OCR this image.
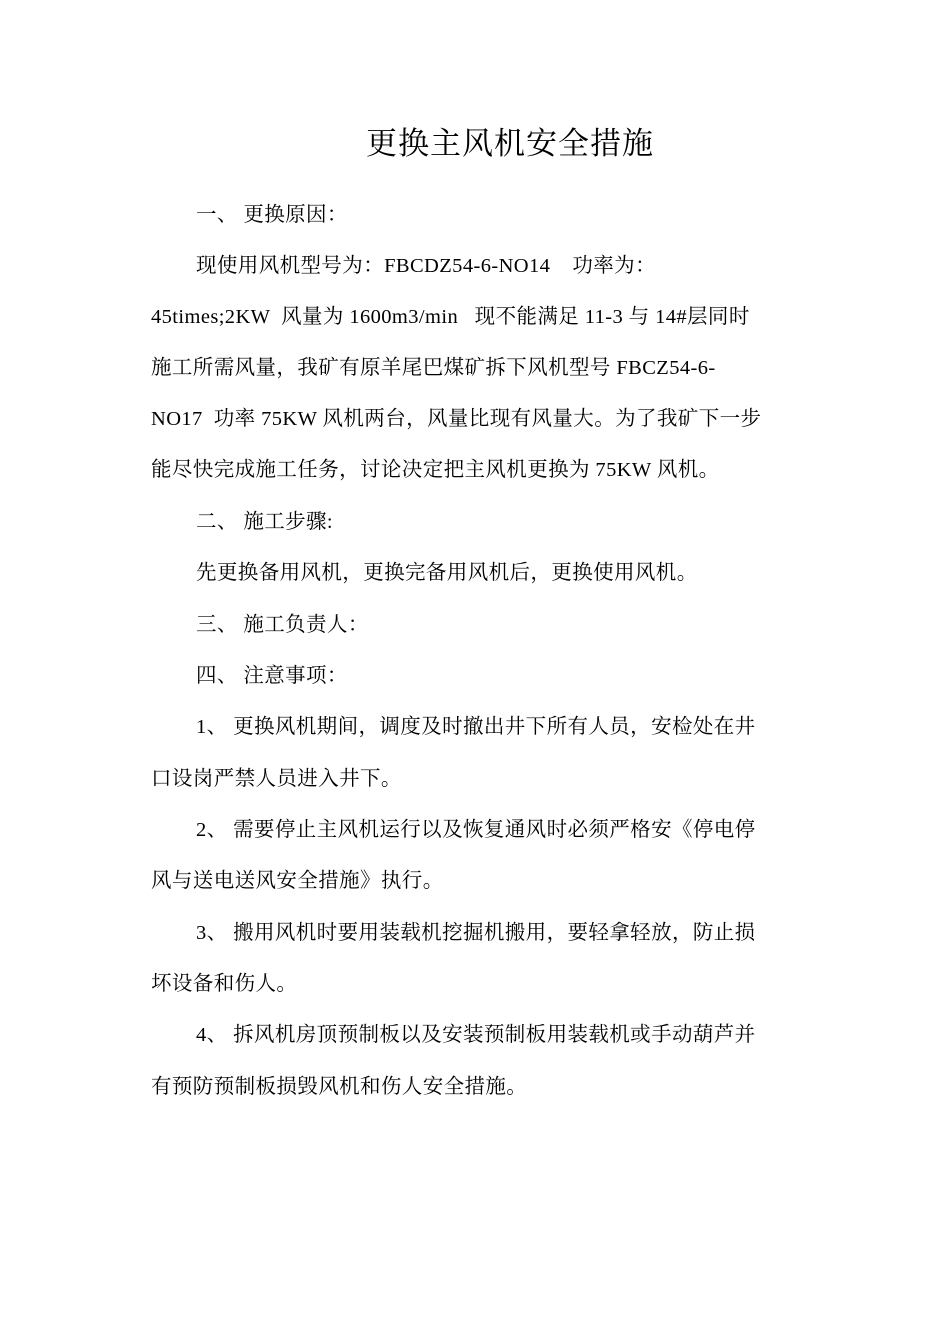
更换主风机安全措施
一、 更换原因：
现使用风机型号为：FBCDZ54-6-NO14    功率为：
45times;2KW  风量为 1600m3/min   现不能满足 11-3 与 14#层同时
施工所需风量，我矿有原羊尾巴煤矿拆下风机型号 FBCZ54-6-
NO17  功率 75KW 风机两台，风量比现有风量大。为了我矿下一步
能尽快完成施工任务，讨论决定把主风机更换为 75KW 风机。
二、 施工步骤:
先更换备用风机，更换完备用风机后，更换使用风机。
三、 施工负责人：
四、 注意事项：
1、 更换风机期间，调度及时撤出井下所有人员，安检处在井
口设岗严禁人员进入井下。
2、 需要停止主风机运行以及恢复通风时必须严格安《停电停
风与送电送风安全措施》执行。
3、 搬用风机时要用装载机挖掘机搬用，要轻拿轻放，防止损
坏设备和伤人。
4、 拆风机房顶预制板以及安装预制板用装载机或手动葫芦并
有预防预制板损毁风机和伤人安全措施。
